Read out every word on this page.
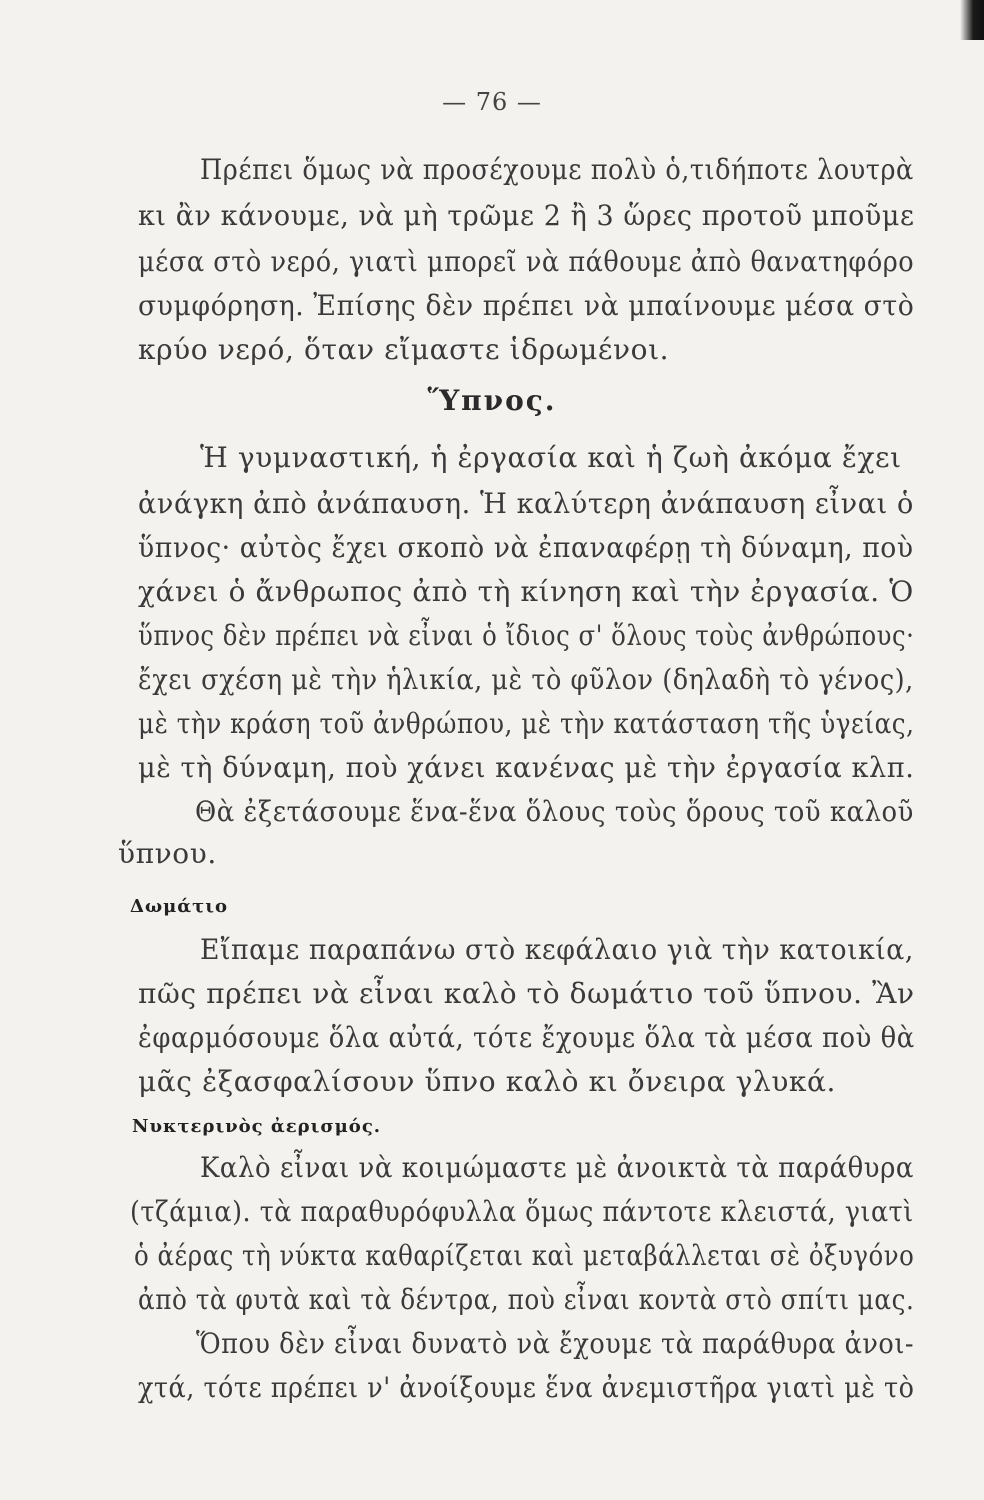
— 76 —
Πρέπει ὅμως νὰ προσέχουμε πολὺ ὁ,τιδήποτε λουτρὰ
κι ἂν κάνουμε, νὰ μὴ τρῶμε 2 ἢ 3 ὥρες προτοῦ μποῦμε
μέσα στὸ νερό, γιατὶ μπορεῖ νὰ πάθουμε ἀπὸ θανατηφόρο
συμφόρηση. Ἐπίσης δὲν πρέπει νὰ μπαίνουμε μέσα στὸ
κρύο νερό, ὅταν εἴμαστε ἱδρωμένοι.
Ὕπνος.
Ἡ γυμναστική, ἡ ἐργασία καὶ ἡ ζωὴ ἀκόμα ἔχει
ἀνάγκη ἀπὸ ἀνάπαυση. Ἡ καλύτερη ἀνάπαυση εἶναι ὁ
ὕπνος· αὐτὸς ἔχει σκοπὸ νὰ ἐπαναφέρῃ τὴ δύναμη, ποὺ
χάνει ὁ ἄνθρωπος ἀπὸ τὴ κίνηση καὶ τὴν ἐργασία. Ὁ
ὕπνος δὲν πρέπει νὰ εἶναι ὁ ἴδιος σ' ὅλους τοὺς ἀνθρώπους·
ἔχει σχέση μὲ τὴν ἡλικία, μὲ τὸ φῦλον (δηλαδὴ τὸ γένος),
μὲ τὴν κράση τοῦ ἀνθρώπου, μὲ τὴν κατάσταση τῆς ὑγείας,
μὲ τὴ δύναμη, ποὺ χάνει κανένας μὲ τὴν ἐργασία κλπ.
Θὰ ἐξετάσουμε ἕνα-ἕνα ὅλους τοὺς ὅρους τοῦ καλοῦ
ὕπνου.
Δωμάτιο
Εἴπαμε παραπάνω στὸ κεφάλαιο γιὰ τὴν κατοικία,
πῶς πρέπει νὰ εἶναι καλὸ τὸ δωμάτιο τοῦ ὕπνου. Ἂν
ἐφαρμόσουμε ὅλα αὐτά, τότε ἔχουμε ὅλα τὰ μέσα ποὺ θὰ
μᾶς ἐξασφαλίσουν ὕπνο καλὸ κι ὄνειρα γλυκά.
Νυκτερινὸς ἀερισμός.
Καλὸ εἶναι νὰ κοιμώμαστε μὲ ἀνοικτὰ τὰ παράθυρα
(τζάμια). τὰ παραθυρόφυλλα ὅμως πάντοτε κλειστά, γιατὶ
ὁ ἀέρας τὴ νύκτα καθαρίζεται καὶ μεταβάλλεται σὲ ὀξυγόνο
ἀπὸ τὰ φυτὰ καὶ τὰ δέντρα, ποὺ εἶναι κοντὰ στὸ σπίτι μας.
Ὅπου δὲν εἶναι δυνατὸ νὰ ἔχουμε τὰ παράθυρα ἀνοι-
χτά, τότε πρέπει ν' ἀνοίξουμε ἕνα ἀνεμιστῆρα γιατὶ μὲ τὸ
